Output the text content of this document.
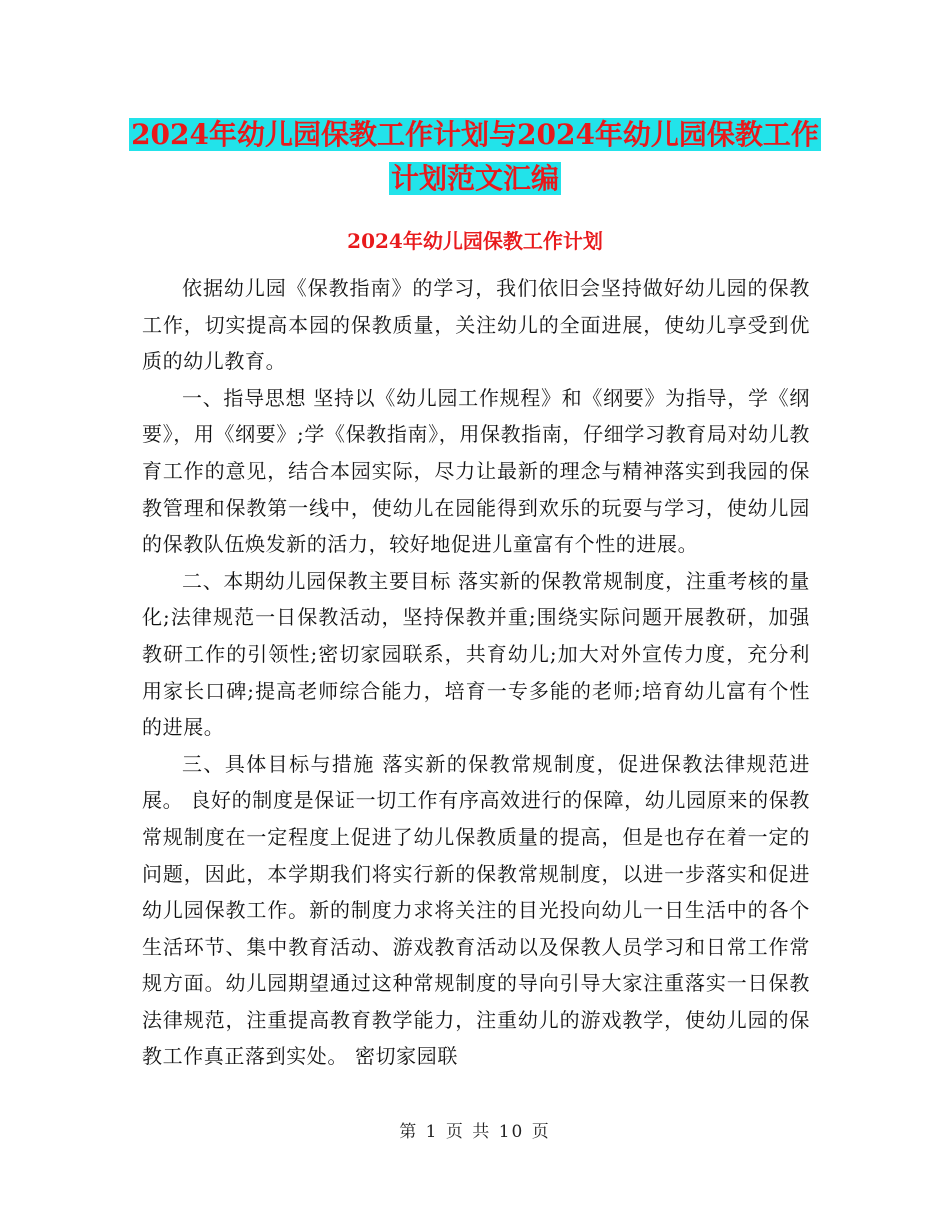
2024年幼儿园保教工作计划与2024年幼儿园保教工作
计划范文汇编
2024年幼儿园保教工作计划

依据幼儿园《保教指南》的学习，我们依旧会坚持做好幼儿园的保教工作，切实提高本园的保教质量，关注幼儿的全面进展，使幼儿享受到优质的幼儿教育。

一、指导思想 坚持以《幼儿园工作规程》和《纲要》为指导，学《纲要》，用《纲要》;学《保教指南》，用保教指南，仔细学习教育局对幼儿教育工作的意见，结合本园实际，尽力让最新的理念与精神落实到我园的保教管理和保教第一线中，使幼儿在园能得到欢乐的玩耍与学习，使幼儿园的保教队伍焕发新的活力，较好地促进儿童富有个性的进展。

二、本期幼儿园保教主要目标 落实新的保教常规制度，注重考核的量化;法律规范一日保教活动，坚持保教并重;围绕实际问题开展教研，加强教研工作的引领性;密切家园联系，共育幼儿;加大对外宣传力度，充分利用家长口碑;提高老师综合能力，培育一专多能的老师;培育幼儿富有个性的进展。

三、具体目标与措施 落实新的保教常规制度，促进保教法律规范进展。 良好的制度是保证一切工作有序高效进行的保障，幼儿园原来的保教常规制度在一定程度上促进了幼儿保教质量的提高，但是也存在着一定的问题，因此，本学期我们将实行新的保教常规制度，以进一步落实和促进幼儿园保教工作。新的制度力求将关注的目光投向幼儿一日生活中的各个生活环节、集中教育活动、游戏教育活动以及保教人员学习和日常工作常规方面。幼儿园期望通过这种常规制度的导向引导大家注重落实一日保教法律规范，注重提高教育教学能力，注重幼儿的游戏教学，使幼儿园的保教工作真正落到实处。 密切家园联

第 1 页 共 10 页
